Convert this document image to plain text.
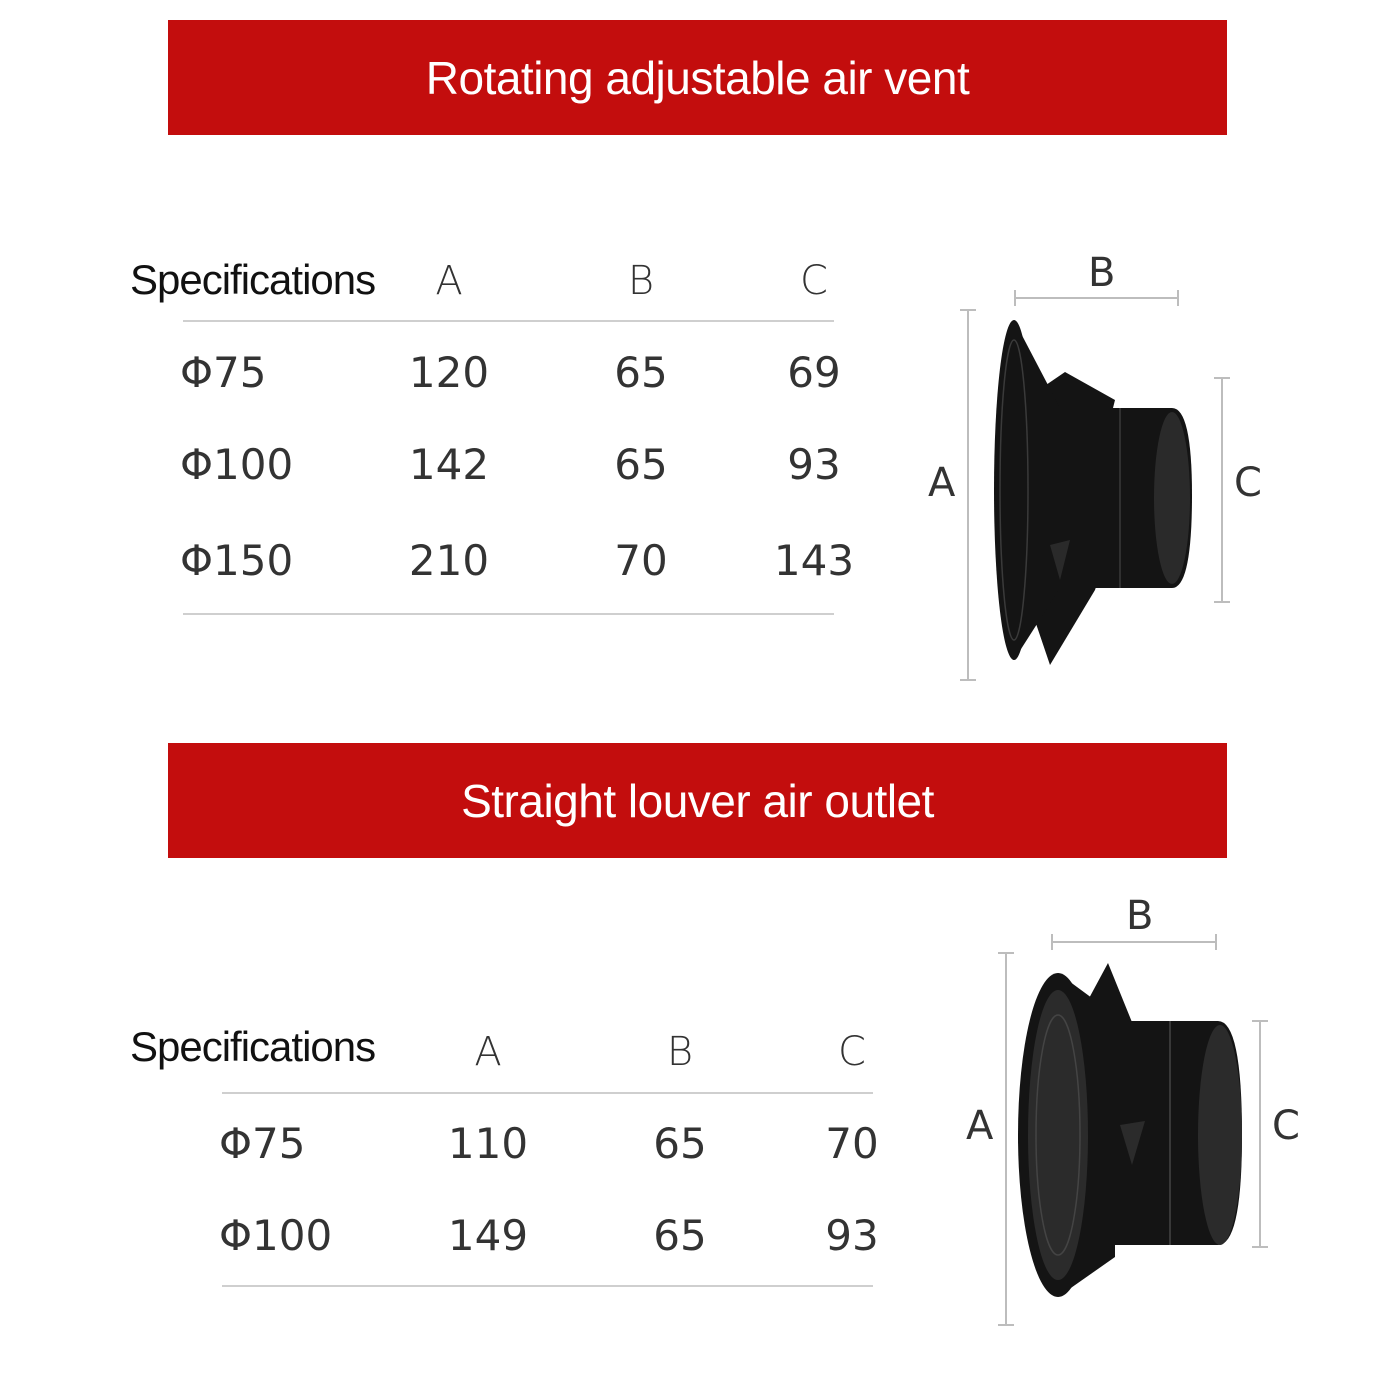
Rotating adjustable air vent
Specifications A	B	C
Φ75	120	65	69
Φ100	142	65	93
Φ150	210	70	143
B
A	C
Straight louver air outlet
Specifications A	B	C
Φ75	110	65	70
Φ100	149	65	93
B
A	C
